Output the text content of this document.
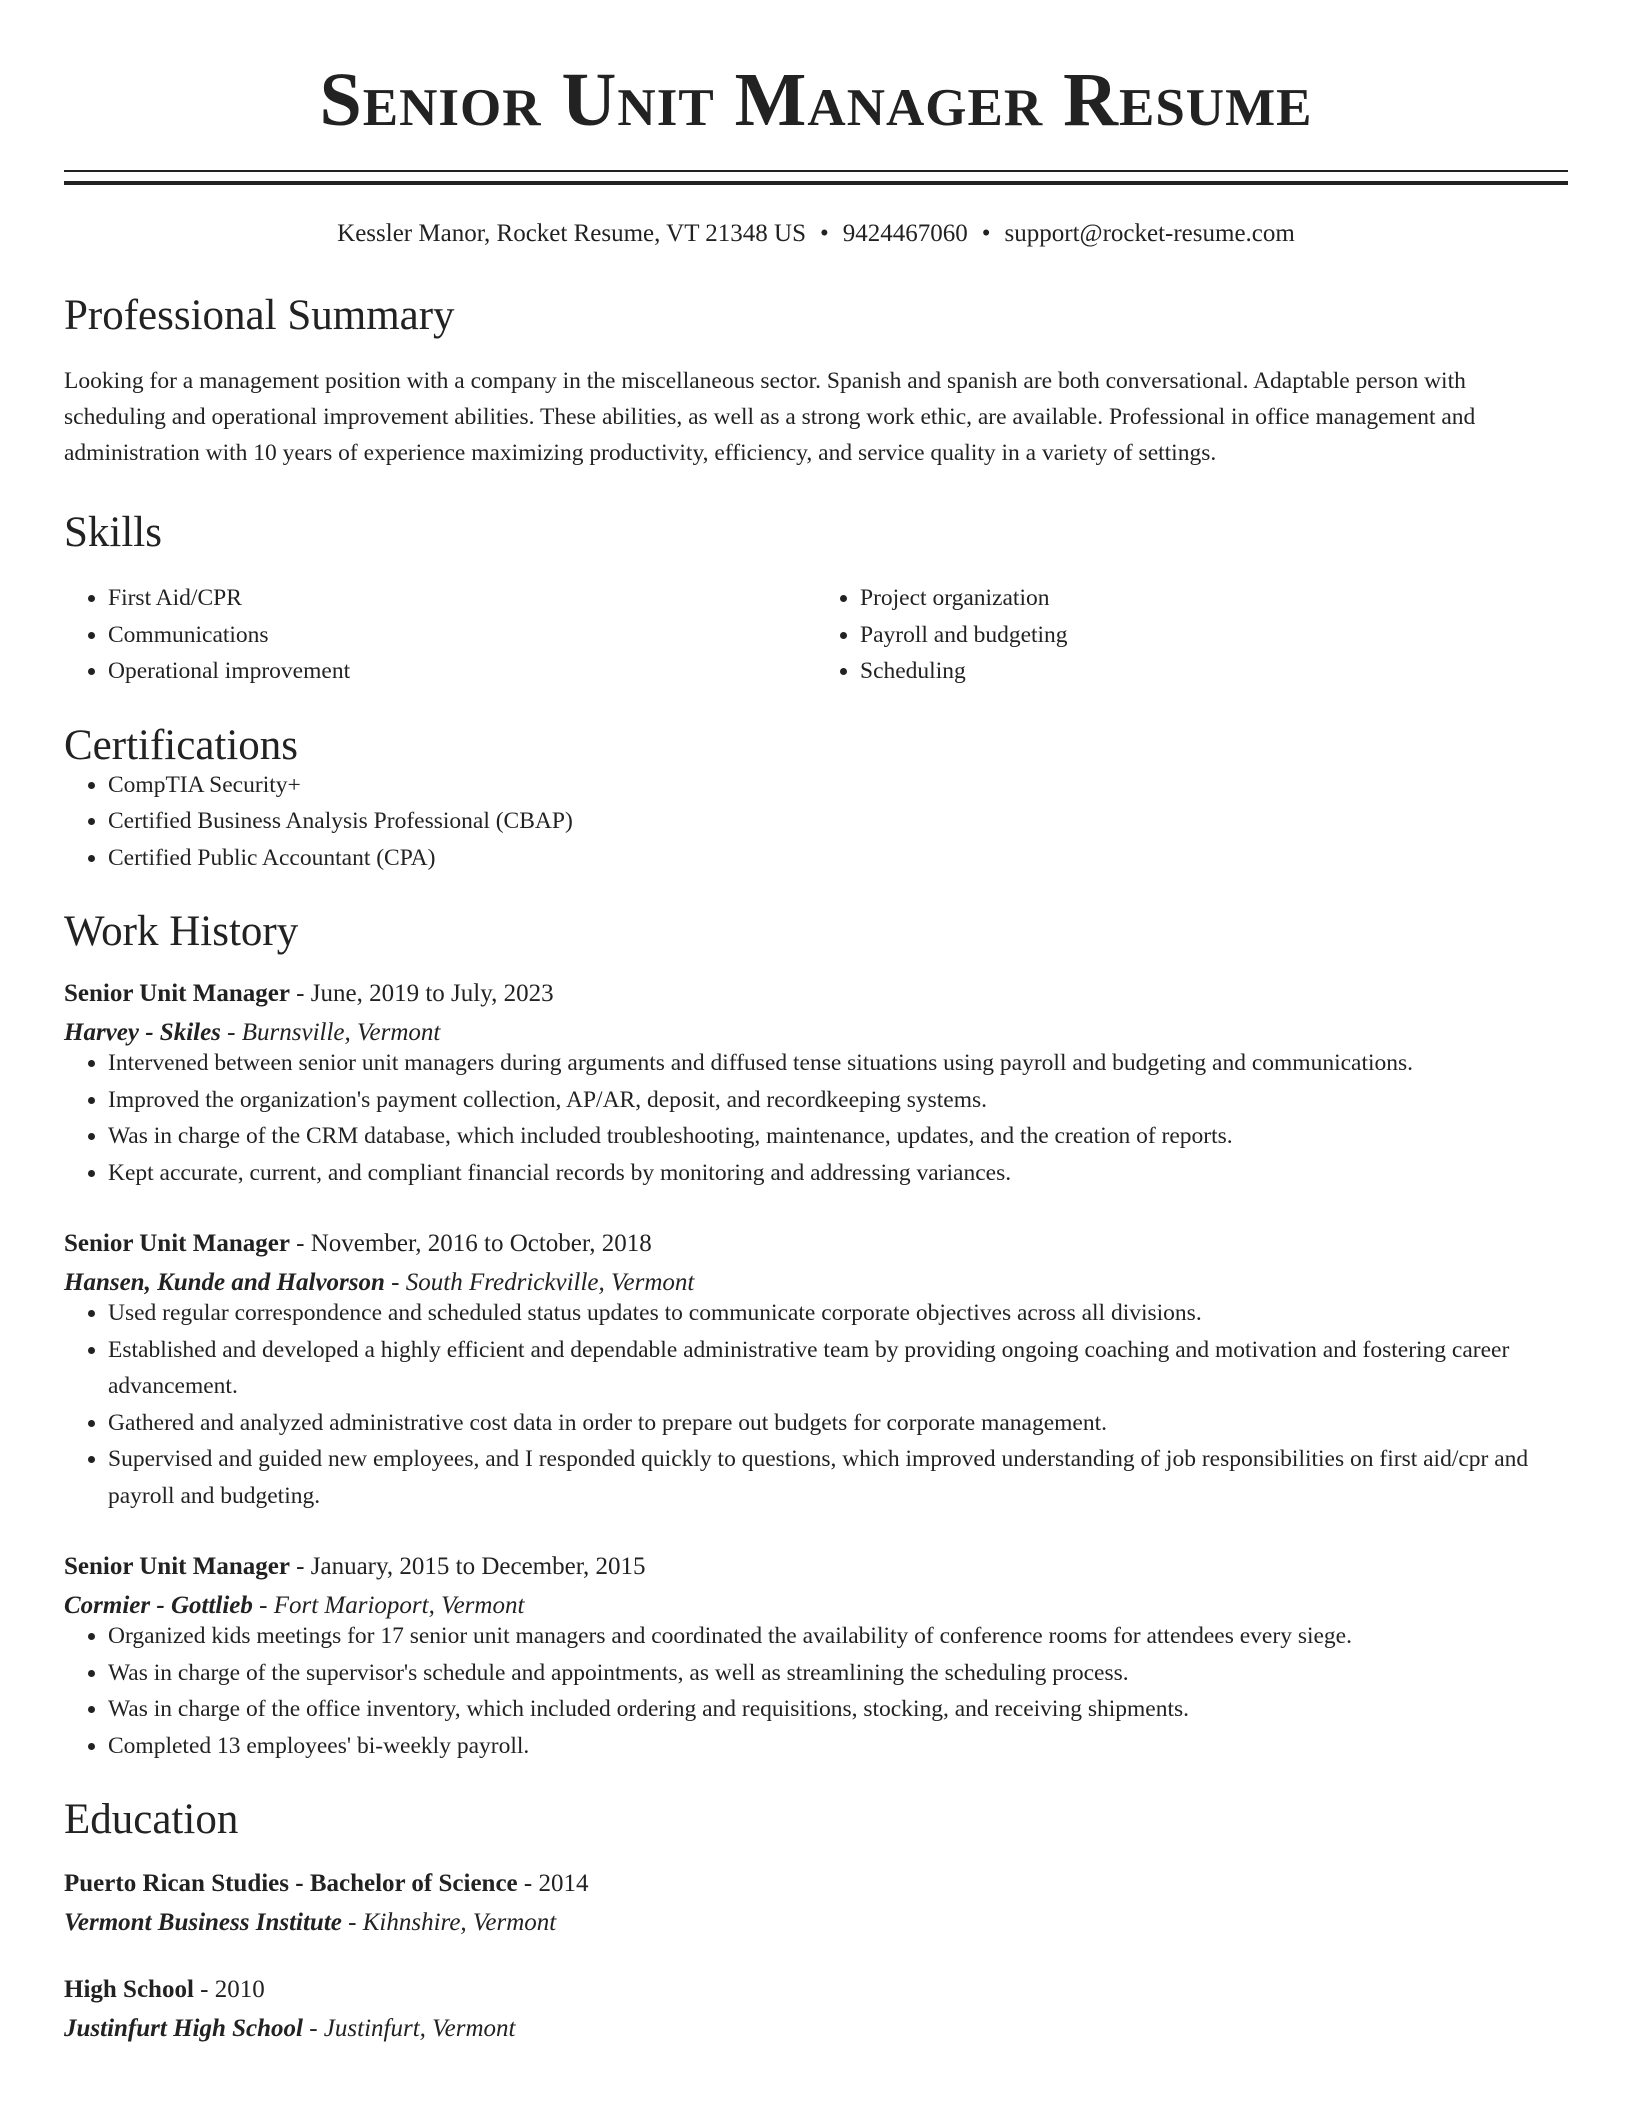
Senior Unit Manager Resume
Kessler Manor, Rocket Resume, VT 21348 US • 9424467060 • support@rocket-resume.com
Professional Summary

Looking for a management position with a company in the miscellaneous sector. Spanish and spanish are both conversational. Adaptable person with scheduling and operational improvement abilities. These abilities, as well as a strong work ethic, are available. Professional in office management and administration with 10 years of experience maximizing productivity, efficiency, and service quality in a variety of settings.

Skills
• First Aid/CPR
• Communications
• Operational improvement
• Project organization
• Payroll and budgeting
• Scheduling
Certifications
• CompTIA Security+
• Certified Business Analysis Professional (CBAP)
• Certified Public Accountant (CPA)
Work History
Senior Unit Manager - June, 2019 to July, 2023
Harvey - Skiles - Burnsville, Vermont
• Intervened between senior unit managers during arguments and diffused tense situations using payroll and budgeting and communications.
• Improved the organization's payment collection, AP/AR, deposit, and recordkeeping systems.
• Was in charge of the CRM database, which included troubleshooting, maintenance, updates, and the creation of reports.
• Kept accurate, current, and compliant financial records by monitoring and addressing variances.
Senior Unit Manager - November, 2016 to October, 2018
Hansen, Kunde and Halvorson - South Fredrickville, Vermont
• Used regular correspondence and scheduled status updates to communicate corporate objectives across all divisions.
• Established and developed a highly efficient and dependable administrative team by providing ongoing coaching and motivation and fostering career advancement.
• Gathered and analyzed administrative cost data in order to prepare out budgets for corporate management.
• Supervised and guided new employees, and I responded quickly to questions, which improved understanding of job responsibilities on first aid/cpr and payroll and budgeting.
Senior Unit Manager - January, 2015 to December, 2015
Cormier - Gottlieb - Fort Marioport, Vermont
• Organized kids meetings for 17 senior unit managers and coordinated the availability of conference rooms for attendees every siege.
• Was in charge of the supervisor's schedule and appointments, as well as streamlining the scheduling process.
• Was in charge of the office inventory, which included ordering and requisitions, stocking, and receiving shipments.
• Completed 13 employees' bi-weekly payroll.
Education
Puerto Rican Studies - Bachelor of Science - 2014
Vermont Business Institute - Kihnshire, Vermont
High School - 2010
Justinfurt High School - Justinfurt, Vermont
